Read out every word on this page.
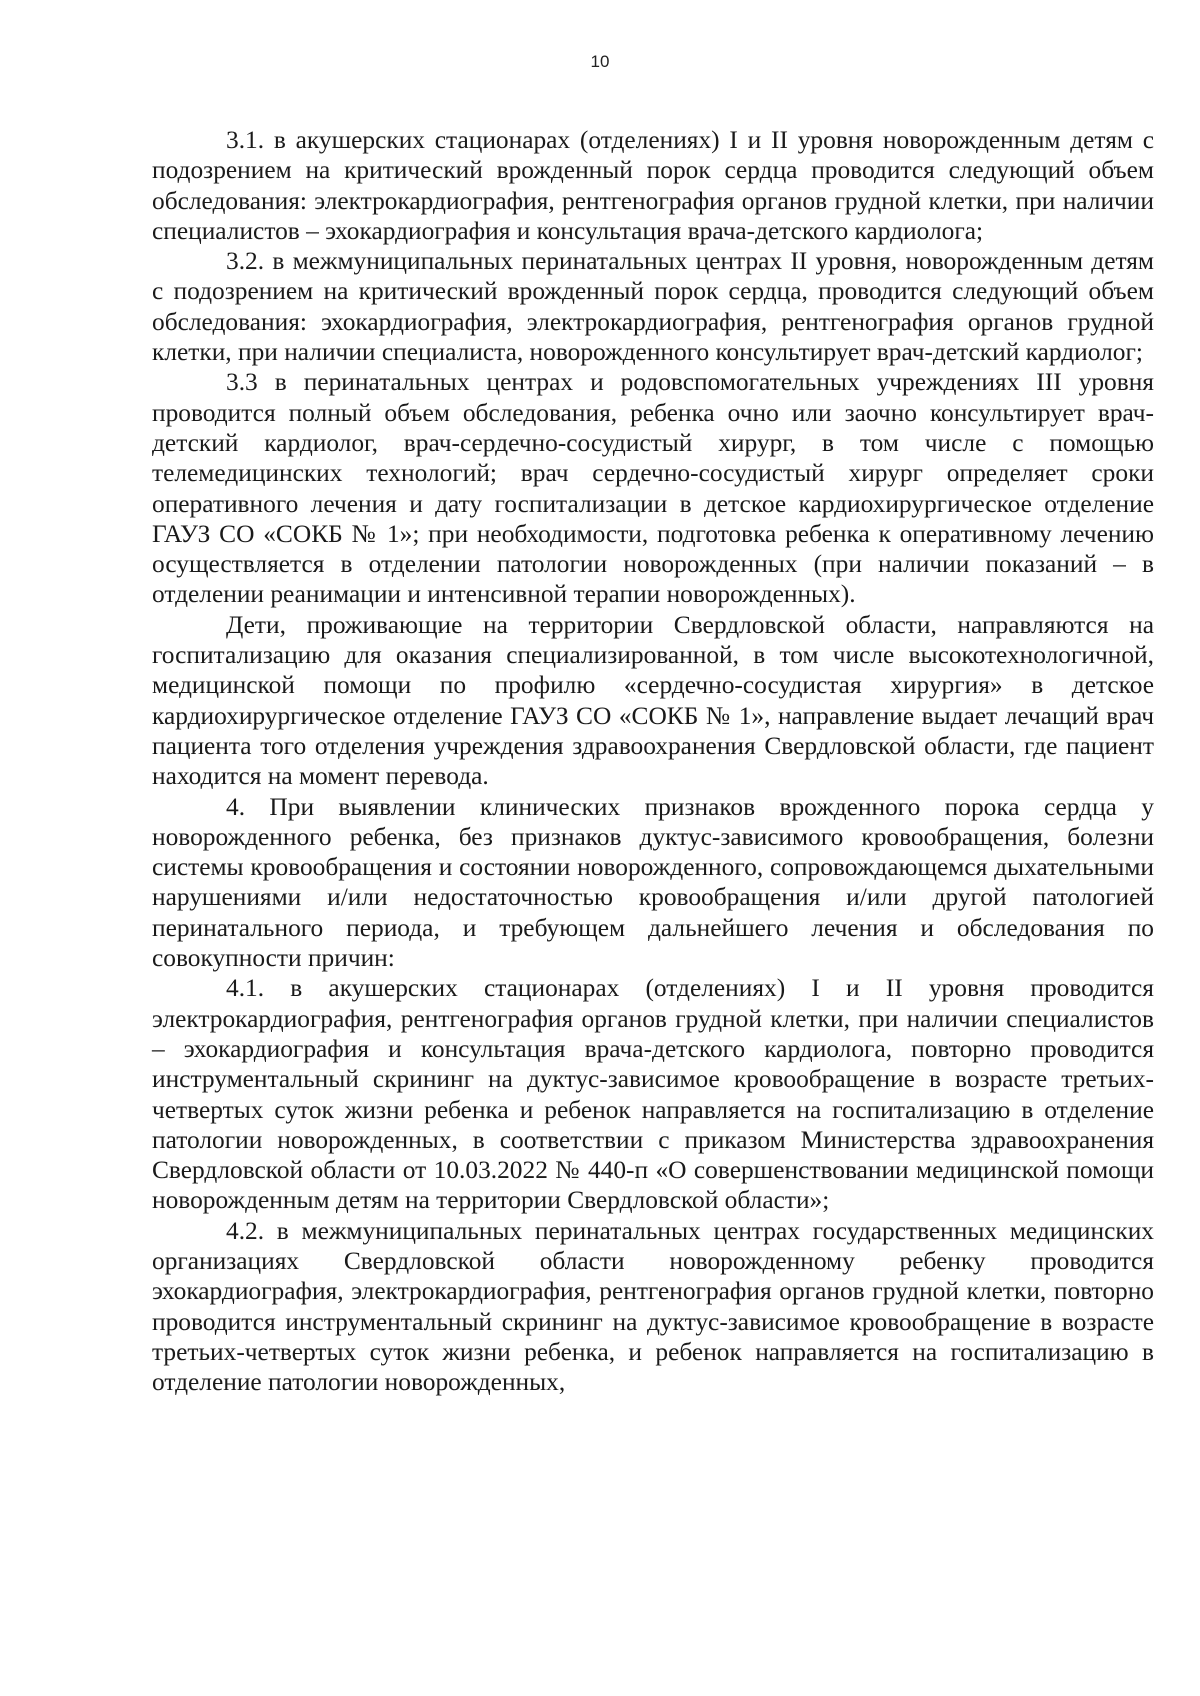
10

3.1. в акушерских стационарах (отделениях) I и II уровня новорожденным детям с подозрением на критический врожденный порок сердца проводится следующий объем обследования: электрокардиография, рентгенография органов грудной клетки, при наличии специалистов – эхокардиография и консультация врача-детского кардиолога;

3.2. в межмуниципальных перинатальных центрах II уровня, новорожденным детям с подозрением на критический врожденный порок сердца, проводится следующий объем обследования: эхокардиография, электрокардиография, рентгенография органов грудной клетки, при наличии специалиста, новорожденного консультирует врач-детский кардиолог;

3.3 в перинатальных центрах и родовспомогательных учреждениях III уровня проводится полный объем обследования, ребенка очно или заочно консультирует врач-детский кардиолог, врач-сердечно-сосудистый хирург, в том числе с помощью телемедицинских технологий; врач сердечно-сосудистый хирург определяет сроки оперативного лечения и дату госпитализации в детское кардиохирургическое отделение ГАУЗ СО «СОКБ № 1»; при необходимости, подготовка ребенка к оперативному лечению осуществляется в отделении патологии новорожденных (при наличии показаний – в отделении реанимации и интенсивной терапии новорожденных).

Дети, проживающие на территории Свердловской области, направляются на госпитализацию для оказания специализированной, в том числе высокотехнологичной, медицинской помощи по профилю «сердечно-сосудистая хирургия» в детское кардиохирургическое отделение ГАУЗ СО «СОКБ № 1», направление выдает лечащий врач пациента того отделения учреждения здравоохранения Свердловской области, где пациент находится на момент перевода.

4. При выявлении клинических признаков врожденного порока сердца у новорожденного ребенка, без признаков дуктус-зависимого кровообращения, болезни системы кровообращения и состоянии новорожденного, сопровождающемся дыхательными нарушениями и/или недостаточностью кровообращения и/или другой патологией перинатального периода, и требующем дальнейшего лечения и обследования по совокупности причин:

4.1. в акушерских стационарах (отделениях) I и II уровня проводится электрокардиография, рентгенография органов грудной клетки, при наличии специалистов – эхокардиография и консультация врача-детского кардиолога, повторно проводится инструментальный скрининг на дуктус-зависимое кровообращение в возрасте третьих-четвертых суток жизни ребенка и ребенок направляется на госпитализацию в отделение патологии новорожденных, в соответствии с приказом Министерства здравоохранения Свердловской области от 10.03.2022 № 440-п «О совершенствовании медицинской помощи новорожденным детям на территории Свердловской области»;

4.2. в межмуниципальных перинатальных центрах государственных медицинских организациях Свердловской области новорожденному ребенку проводится эхокардиография, электрокардиография, рентгенография органов грудной клетки, повторно проводится инструментальный скрининг на дуктус-зависимое кровообращение в возрасте третьих-четвертых суток жизни ребенка, и ребенок направляется на госпитализацию в отделение патологии новорожденных,
